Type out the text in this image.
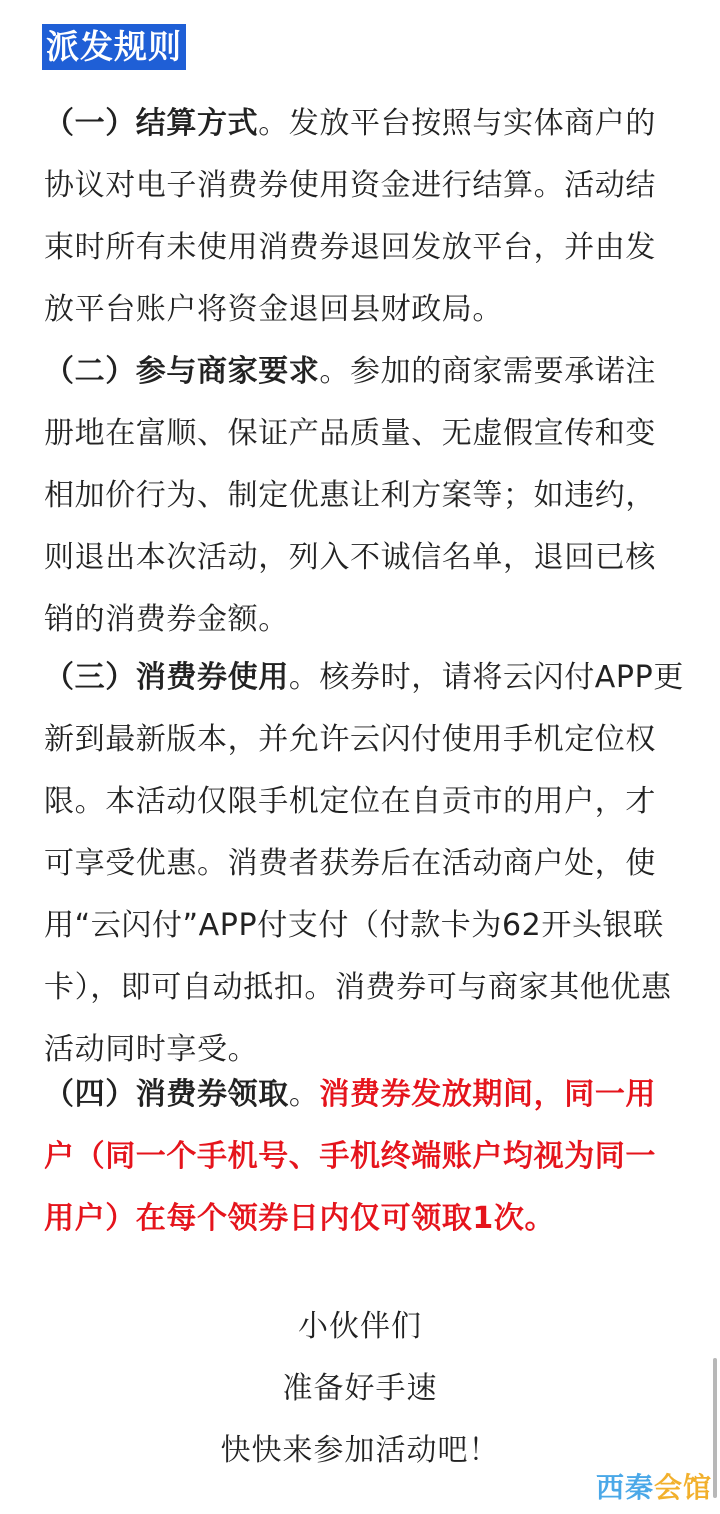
派发规则

（一）结算方式。发放平台按照与实体商户的协议对电子消费券使用资金进行结算。活动结束时所有未使用消费券退回发放平台，并由发放平台账户将资金退回县财政局。

（二）参与商家要求。参加的商家需要承诺注册地在富顺、保证产品质量、无虚假宣传和变相加价行为、制定优惠让利方案等；如违约，则退出本次活动，列入不诚信名单，退回已核销的消费券金额。

（三）消费券使用。核券时，请将云闪付APP更新到最新版本，并允许云闪付使用手机定位权限。本活动仅限手机定位在自贡市的用户，才可享受优惠。消费者获券后在活动商户处，使用“云闪付”APP付支付（付款卡为62开头银联卡），即可自动抵扣。消费券可与商家其他优惠活动同时享受。

（四）消费券领取。消费券发放期间，同一用户（同一个手机号、手机终端账户均视为同一用户）在每个领券日内仅可领取1次。

小伙伴们
准备好手速
快快来参加活动吧！
西秦会馆
